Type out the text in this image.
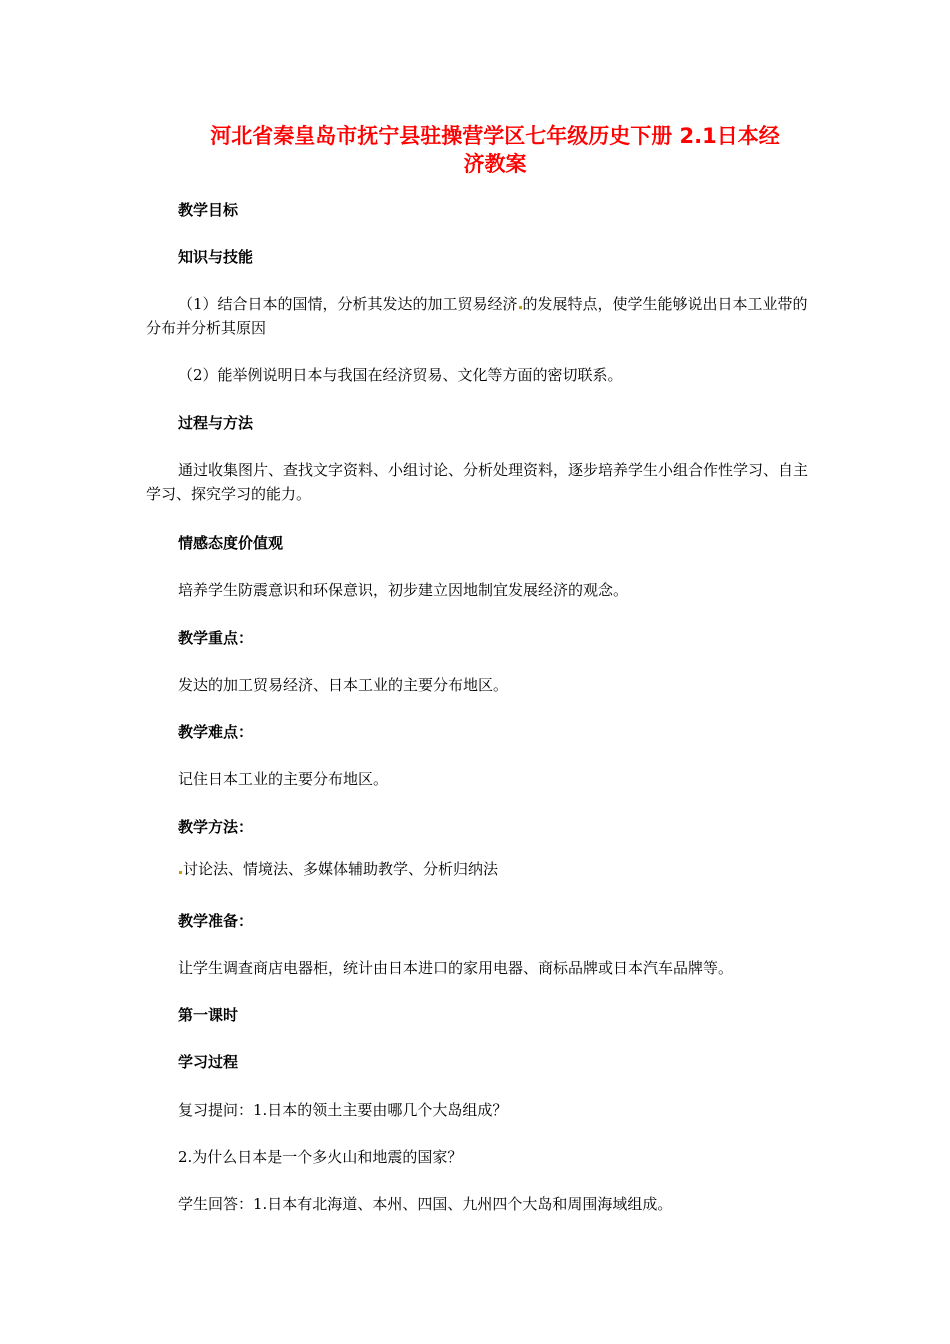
河北省秦皇岛市抚宁县驻操营学区七年级历史下册 2.1日本经
济教案
教学目标
知识与技能
（1）结合日本的国情，分析其发达的加工贸易经济 的发展特点，使学生能够说出日本工业带的分布并分析其原因
（2）能举例说明日本与我国在经济贸易、文化等方面的密切联系。
过程与方法
通过收集图片、查找文字资料、小组讨论、分析处理资料，逐步培养学生小组合作性学习、自主学习、探究学习的能力。
情感态度价值观
培养学生防震意识和环保意识，初步建立因地制宜发展经济的观念。
教学重点：
发达的加工贸易经济、日本工业的主要分布地区。
教学难点：
记住日本工业的主要分布地区。
教学方法：
讨论法、情境法、多媒体辅助教学、分析归纳法
教学准备：
让学生调查商店电器柜，统计由日本进口的家用电器、商标品牌或日本汽车品牌等。
第一课时
学习过程
复习提问：1.日本的领土主要由哪几个大岛组成？
2.为什么日本是一个多火山和地震的国家？
学生回答：1.日本有北海道、本州、四国、九州四个大岛和周围海域组成。
